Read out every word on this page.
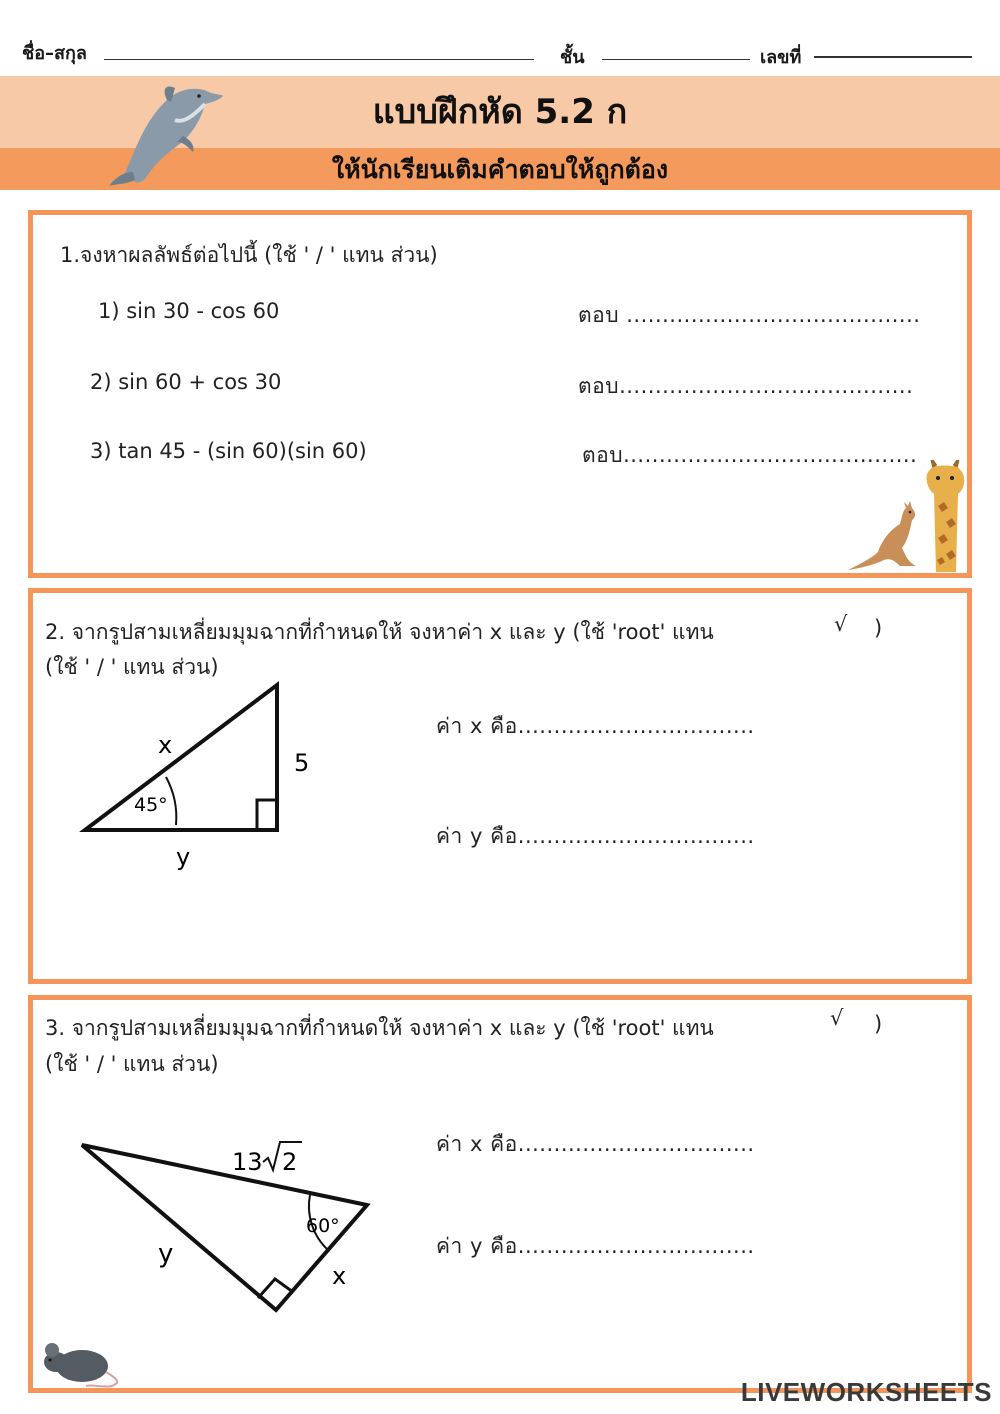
ชื่อ–สกุล	ชั้น	เลขที่
แบบฝึกหัด 5.2 ก
ให้นักเรียนเติมคำตอบให้ถูกต้อง
1.จงหาผลลัพธ์ต่อไปนี้ (ใช้ ' / ' แทน ส่วน)
1) sin 30 - cos 60	ตอบ .........................................
2) sin 60 + cos 30	ตอบ.........................................
3) tan 45 - (sin 60)(sin 60)	ตอบ.........................................
2. จากรูปสามเหลี่ยมมุมฉากที่กำหนดให้ จงหาค่า x และ y (ใช้ 'root' แทน	√ )
(ใช้ ' / ' แทน ส่วน)
x
5
y
45°
ค่า x คือ.................................
ค่า y คือ.................................
3. จากรูปสามเหลี่ยมมุมฉากที่กำหนดให้ จงหาค่า x และ y (ใช้ 'root' แทน	√ )
(ใช้ ' / ' แทน ส่วน)
13 2
y
x
60°
ค่า x คือ.................................
ค่า y คือ.................................
LIVEWORKSHEETS
